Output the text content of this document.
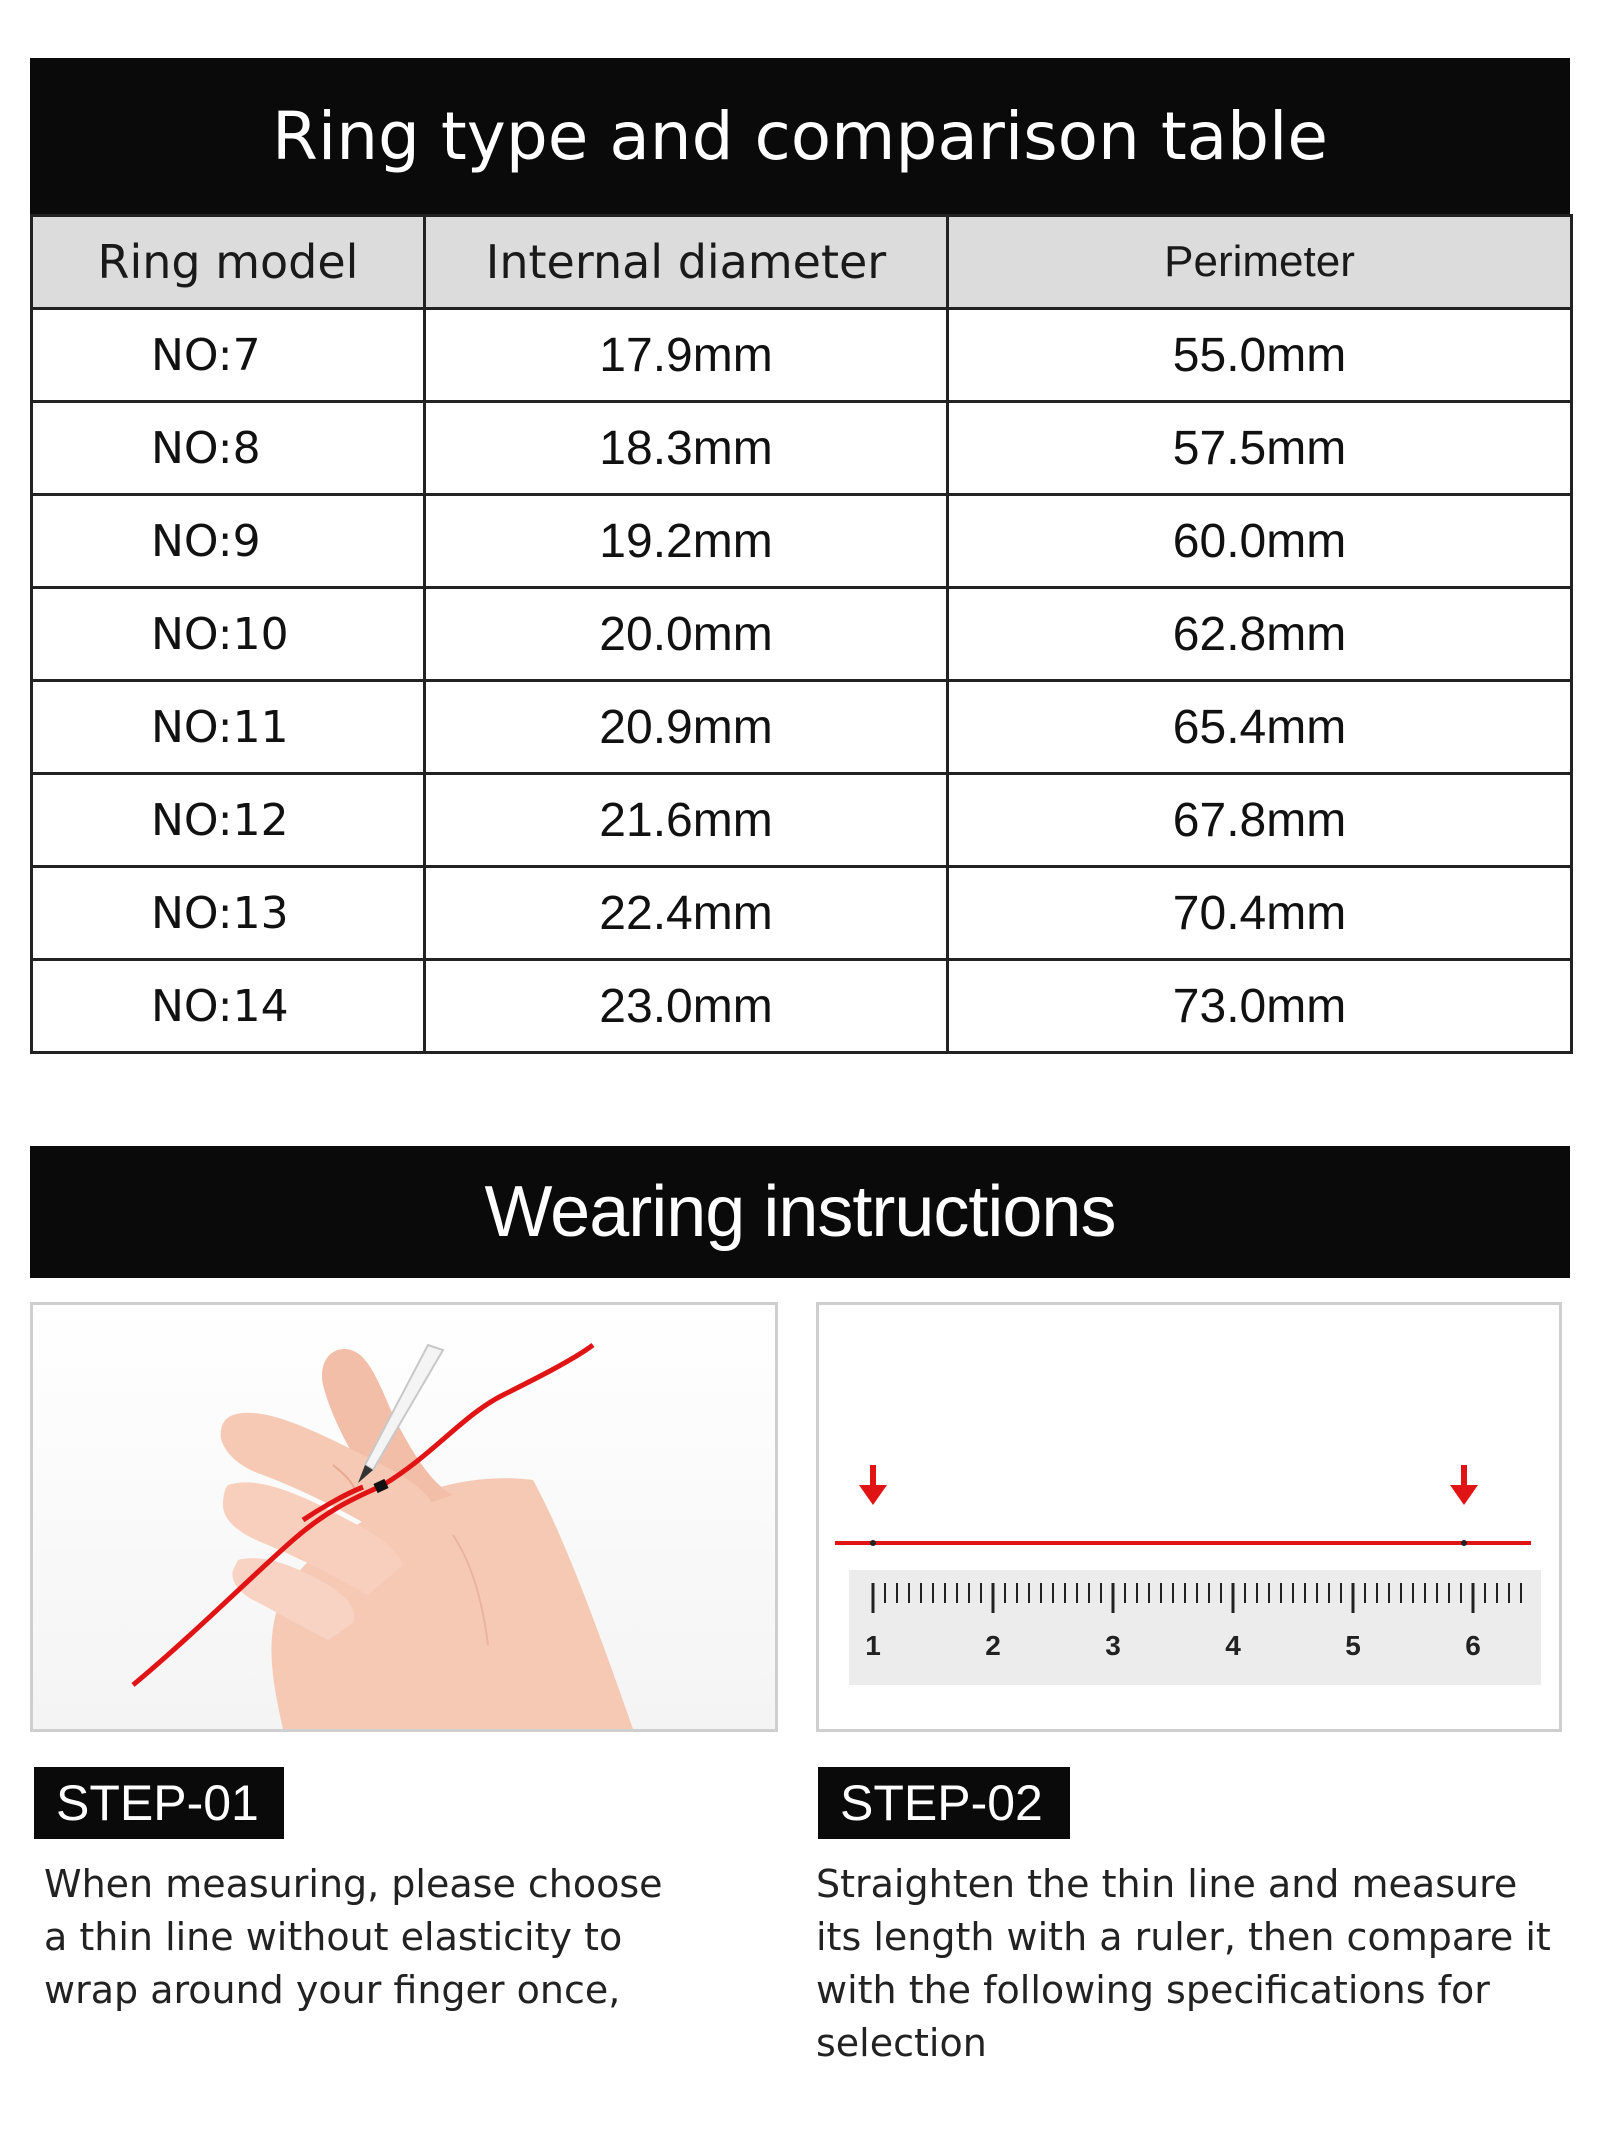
Ring type and comparison table
Ring model	Internal diameter	Perimeter
NO:7	17.9mm	55.0mm
NO:8	18.3mm	57.5mm
NO:9	19.2mm	60.0mm
NO:10	20.0mm	62.8mm
NO:11	20.9mm	65.4mm
NO:12	21.6mm	67.8mm
NO:13	22.4mm	70.4mm
NO:14	23.0mm	73.0mm
Wearing instructions
1	2	3	4	5	6
STEP-01
When measuring, please choose a thin line without elasticity to wrap around your finger once,
STEP-02
Straighten the thin line and measure its length with a ruler, then compare it with the following specifications for selection
